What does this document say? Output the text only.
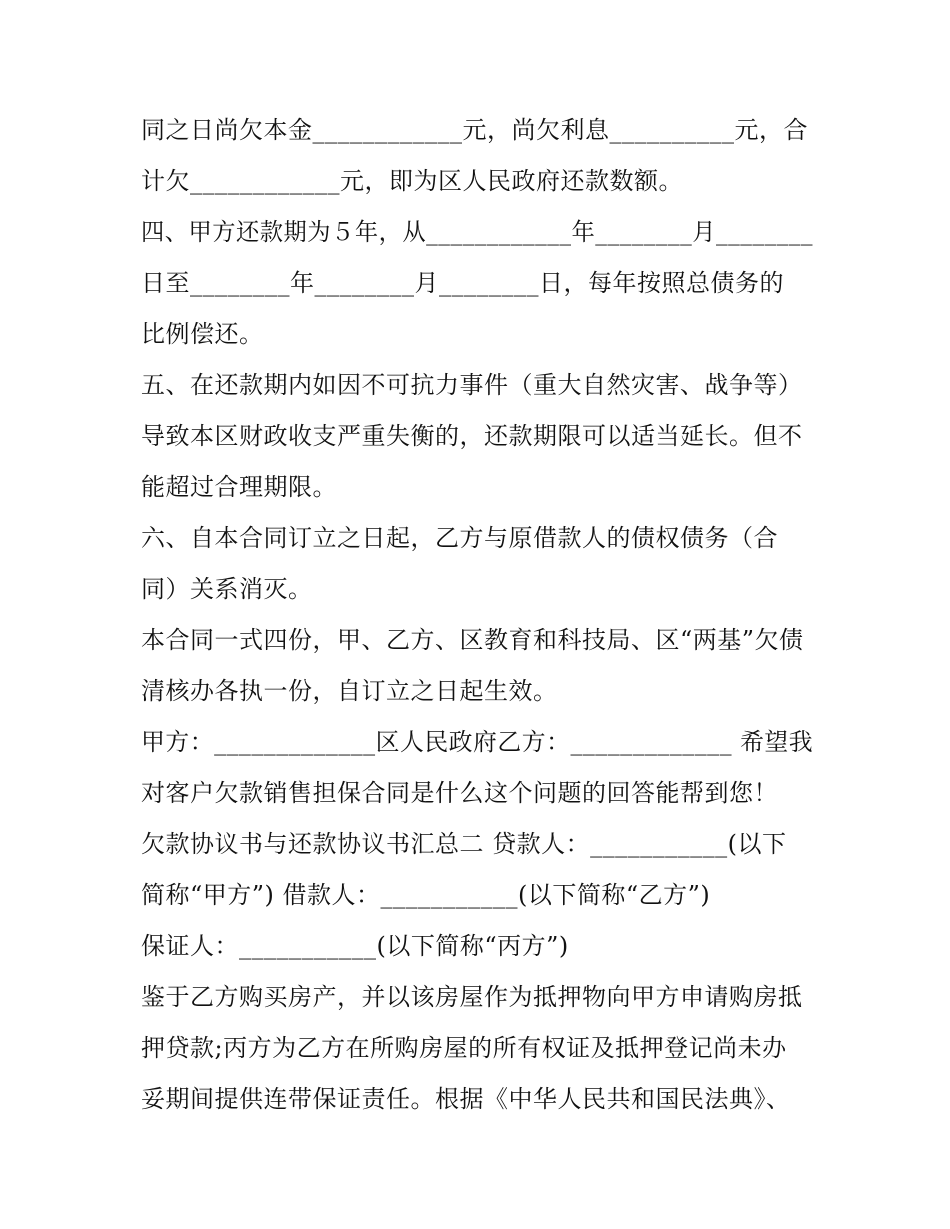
同之日尚欠本金____________元，尚欠利息__________元，合
计欠____________元，即为区人民政府还款数额。
四、甲方还款期为５年，从____________年________月________
日至________年________月________日，每年按照总债务的
比例偿还。
五、在还款期内如因不可抗力事件（重大自然灾害、战争等）
导致本区财政收支严重失衡的，还款期限可以适当延长。但不
能超过合理期限。
六、自本合同订立之日起，乙方与原借款人的债权债务（合
同）关系消灭。
本合同一式四份，甲、乙方、区教育和科技局、区“两基”欠债
清核办各执一份，自订立之日起生效。
甲方：_____________区人民政府乙方：_____________ 希望我
对客户欠款销售担保合同是什么这个问题的回答能帮到您！
欠款协议书与还款协议书汇总二 贷款人：___________(以下
简称“甲方”) 借款人：___________(以下简称“乙方”)
保证人：___________(以下简称“丙方”)
鉴于乙方购买房产，并以该房屋作为抵押物向甲方申请购房抵
押贷款;丙方为乙方在所购房屋的所有权证及抵押登记尚未办
妥期间提供连带保证责任。根据《中华人民共和国民法典》、
